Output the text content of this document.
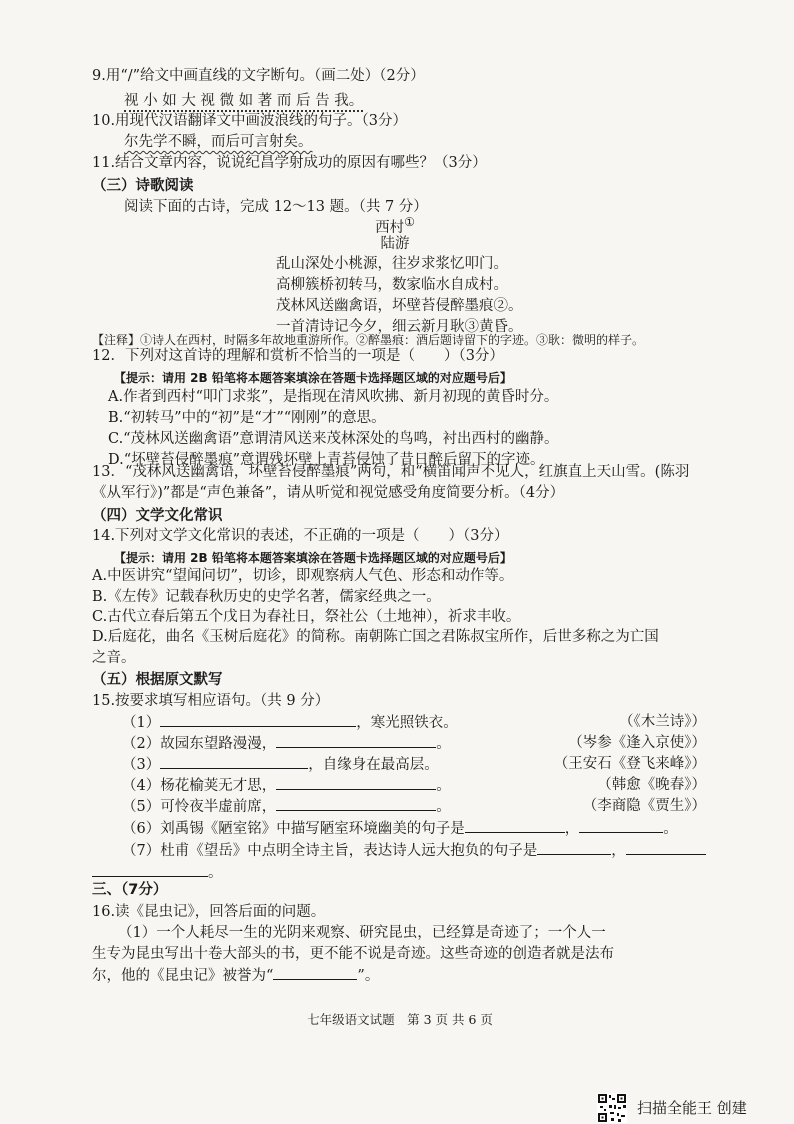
9.用“/”给文中画直线的文字断句。（画二处）（2分）
视 小 如 大 视 微 如 著 而 后 告 我。
10.用现代汉语翻译文中画波浪线的句子。（3分）
尔先学不瞬，而后可言射矣。
11.结合文章内容，说说纪昌学射成功的原因有哪些？（3分）
（三）诗歌阅读
阅读下面的古诗，完成 12～13 题。（共 7 分）
西村①
陆游
乱山深处小桃源，往岁求浆忆叩门。
高柳簇桥初转马，数家临水自成村。
茂林风送幽禽语，坏壁苔侵醉墨痕②。
一首清诗记今夕，细云新月耿③黄昏。
【注释】①诗人在西村，时隔多年故地重游所作。②醉墨痕：酒后题诗留下的字迹。③耿：微明的样子。
12．下列对这首诗的理解和赏析不恰当的一项是（　　）（3分）
【提示：请用 2B 铅笔将本题答案填涂在答题卡选择题区域的对应题号后】
A.作者到西村“叩门求浆”，是指现在清风吹拂、新月初现的黄昏时分。
B.“初转马”中的“初”是“才”“刚刚”的意思。
C.“茂林风送幽禽语”意谓清风送来茂林深处的鸟鸣，衬出西村的幽静。
D.“坏壁苔侵醉墨痕”意谓残坏壁上青苔侵蚀了昔日醉后留下的字迹。
13．“茂林风送幽禽语，坏壁苔侵醉墨痕”两句，和“横笛闻声不见人，红旗直上天山雪。(陈羽
《从军行》)”都是“声色兼备”，请从听觉和视觉感受角度简要分析。（4分）
（四）文学文化常识
14.下列对文学文化常识的表述，不正确的一项是（　　）（3分）
【提示：请用 2B 铅笔将本题答案填涂在答题卡选择题区域的对应题号后】
A.中医讲究“望闻问切”，切诊，即观察病人气色、形态和动作等。
B.《左传》记载春秋历史的史学名著，儒家经典之一。
C.古代立春后第五个戊日为春社日，祭社公（土地神），祈求丰收。
D.后庭花，曲名《玉树后庭花》的简称。南朝陈亡国之君陈叔宝所作，后世多称之为亡国
之音。
（五）根据原文默写
15.按要求填写相应语句。（共 9 分）
（1）	，寒光照铁衣。	（《木兰诗》）
（2）故园东望路漫漫，	。	（岑参《逢入京使》）
（3）	，自缘身在最高层。	（王安石《登飞来峰》）
（4）杨花榆荚无才思，	。	（韩愈《晚春》）
（5）可怜夜半虚前席，	。	（李商隐《贾生》）
（6）刘禹锡《陋室铭》中描写陋室环境幽美的句子是	，	。
（7）杜甫《望岳》中点明全诗主旨，表达诗人远大抱负的句子是	，
。
三、（7分）
16.读《昆虫记》，回答后面的问题。
（1）一个人耗尽一生的光阴来观察、研究昆虫，已经算是奇迹了；一个人一
生专为昆虫写出十卷大部头的书，更不能不说是奇迹。这些奇迹的创造者就是法布
尔，他的《昆虫记》被誉为“	”。
七年级语文试题　第 3 页 共 6 页
扫描全能王 创建
